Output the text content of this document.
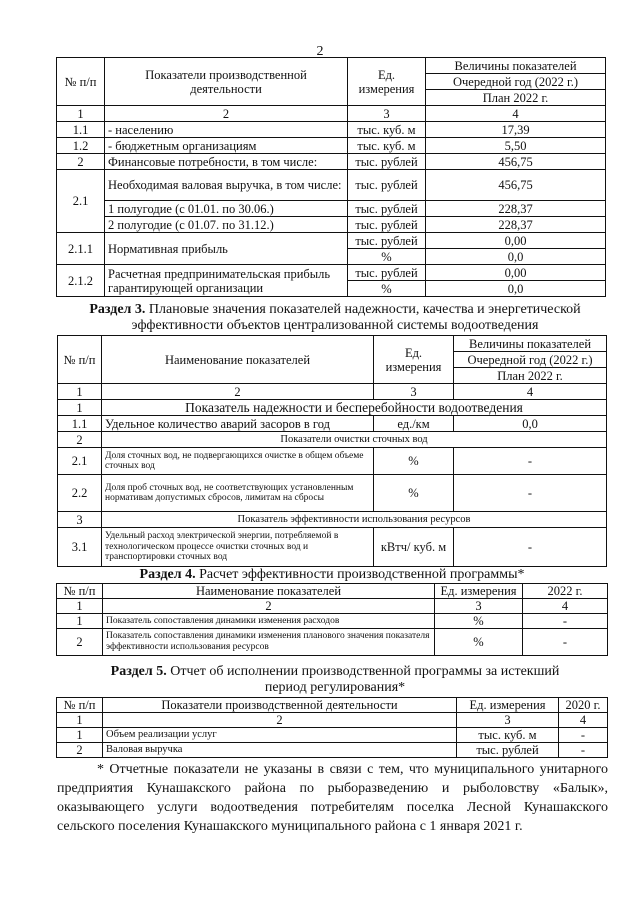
2
№ п/п	Показатели производственной деятельности	Ед. измерения	Величины показателей
			Очередной год (2022 г.)
			План 2022 г.
1	2	3	4
1.1	- населению	тыс. куб. м	17,39
1.2	- бюджетным организациям	тыс. куб. м	5,50
2	Финансовые потребности, в том числе:	тыс. рублей	456,75
2.1	Необходимая валовая выручка, в том числе:	тыс. рублей	456,75
	1 полугодие (с 01.01. по 30.06.)	тыс. рублей	228,37
	2 полугодие (с 01.07. по 31.12.)	тыс. рублей	228,37
2.1.1	Нормативная прибыль	тыс. рублей	0,00
		%	0,0
2.1.2	Расчетная предпринимательская прибыль гарантирующей организации	тыс. рублей	0,00
		%	0,0
Раздел 3. Плановые значения показателей надежности, качества и энергетической эффективности объектов централизованной системы водоотведения
№ п/п	Наименование показателей	Ед. измерения	Величины показателей
			Очередной год (2022 г.)
			План 2022 г.
1	2	3	4
1	Показатель надежности и бесперебойности водоотведения		
1.1	Удельное количество аварий засоров в год	ед./км	0,0
2	Показатели очистки сточных вод		
2.1	Доля сточных вод, не подвергающихся очистке в общем объеме сточных вод	%	-
2.2	Доля проб сточных вод, не соответствующих установленным нормативам допустимых сбросов, лимитам на сбросы	%	-
3	Показатель эффективности использования ресурсов		
3.1	Удельный расход электрической энергии, потребляемой в технологическом процессе очистки сточных вод и транспортировки сточных вод	кВтч/ куб. м	-
Раздел 4. Расчет эффективности производственной программы*
№ п/п	Наименование показателей	Ед. измерения	2022 г.
1	2	3	4
1	Показатель сопоставления динамики изменения расходов	%	-
2	Показатель сопоставления динамики изменения планового значения показателя эффективности использования ресурсов	%	-
Раздел 5. Отчет об исполнении производственной программы за истекший период регулирования*
№ п/п	Показатели производственной деятельности	Ед. измерения	2020 г.
1	2	3	4
1	Объем реализации услуг	тыс. куб. м	-
2	Валовая выручка	тыс. рублей	-
* Отчетные показатели не указаны в связи с тем, что муниципального унитарного предприятия Кунашакского района по рыборазведению и рыболовству «Балык», оказывающего услуги водоотведения потребителям поселка Лесной Кунашакского сельского поселения Кунашакского муниципального района с 1 января 2021 г.
